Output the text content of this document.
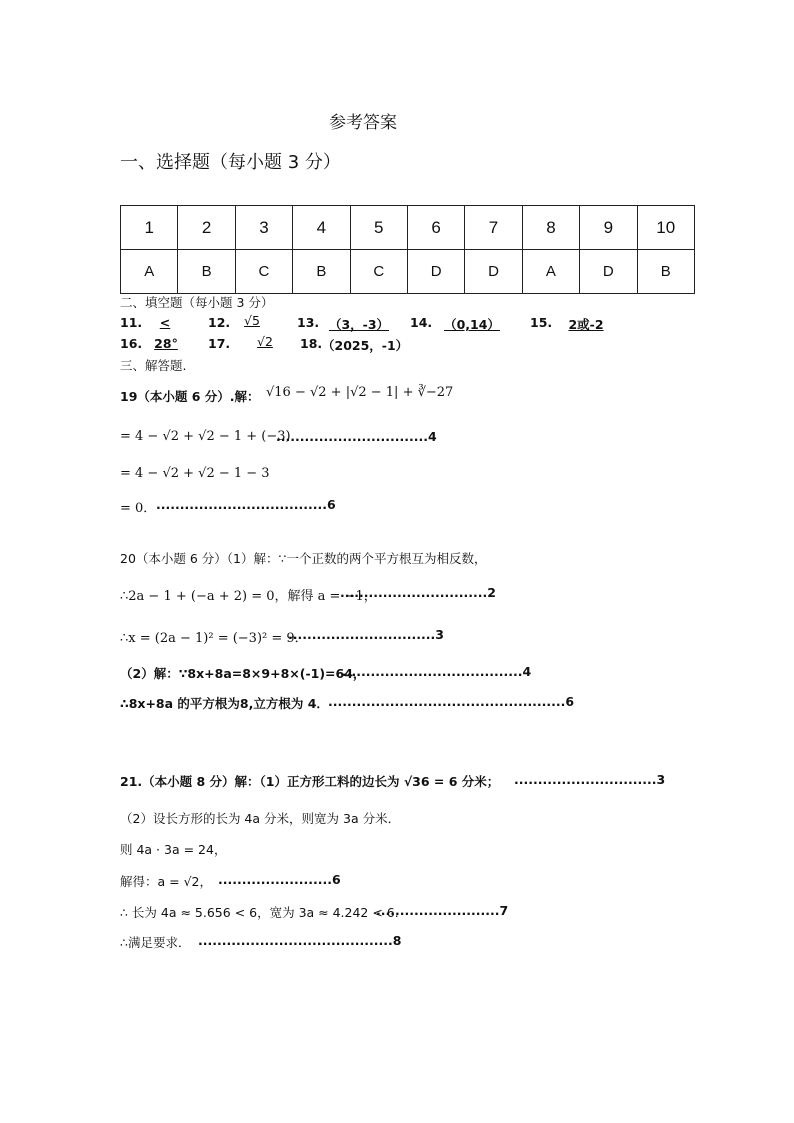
参考答案
一、选择题（每小题 3 分）
1	2	3	4	5	6	7	8	9	10
A	B	C	B	C	D	D	A	D	B
二、填空题（每小题 3 分）
11.	<	12.	√5	13. （3，-3） 14. （0,14） 15.	2或-2
16. 28°	17.	√2	18. （2025，-1）
三、解答题.
19（本小题 6 分）.解： √16 − √2 + |√2 − 1| + ∛−27
= 4 − √2 + √2 − 1 + (−3)
................................4
= 4 − √2 + √2 − 1 − 3
= 0． ....................................6
20（本小题 6 分）（1）解：∵一个正数的两个平方根互为相反数，
∴2a − 1 + (−a + 2) = 0，解得 a = −1，
...............................2
∴x = (2a − 1)² = (−3)² = 9．
...............................3
（2）解：∵8x+8a=8×9+8×(-1)=64，
......................................4
∴8x+8a 的平方根为8,立方根为 4． ..................................................6
21.（本小题 8 分）解：（1）正方形工料的边长为 √36 = 6 分米； ..............................3
（2）设长方形的长为 4a 分米，则宽为 3a 分米．
则 4a · 3a = 24，
解得：a = √2， ........................6
∴ 长为 4a ≈ 5.656 < 6，宽为 3a ≈ 4.242 < 6.
..........................7
∴满足要求． .........................................8
